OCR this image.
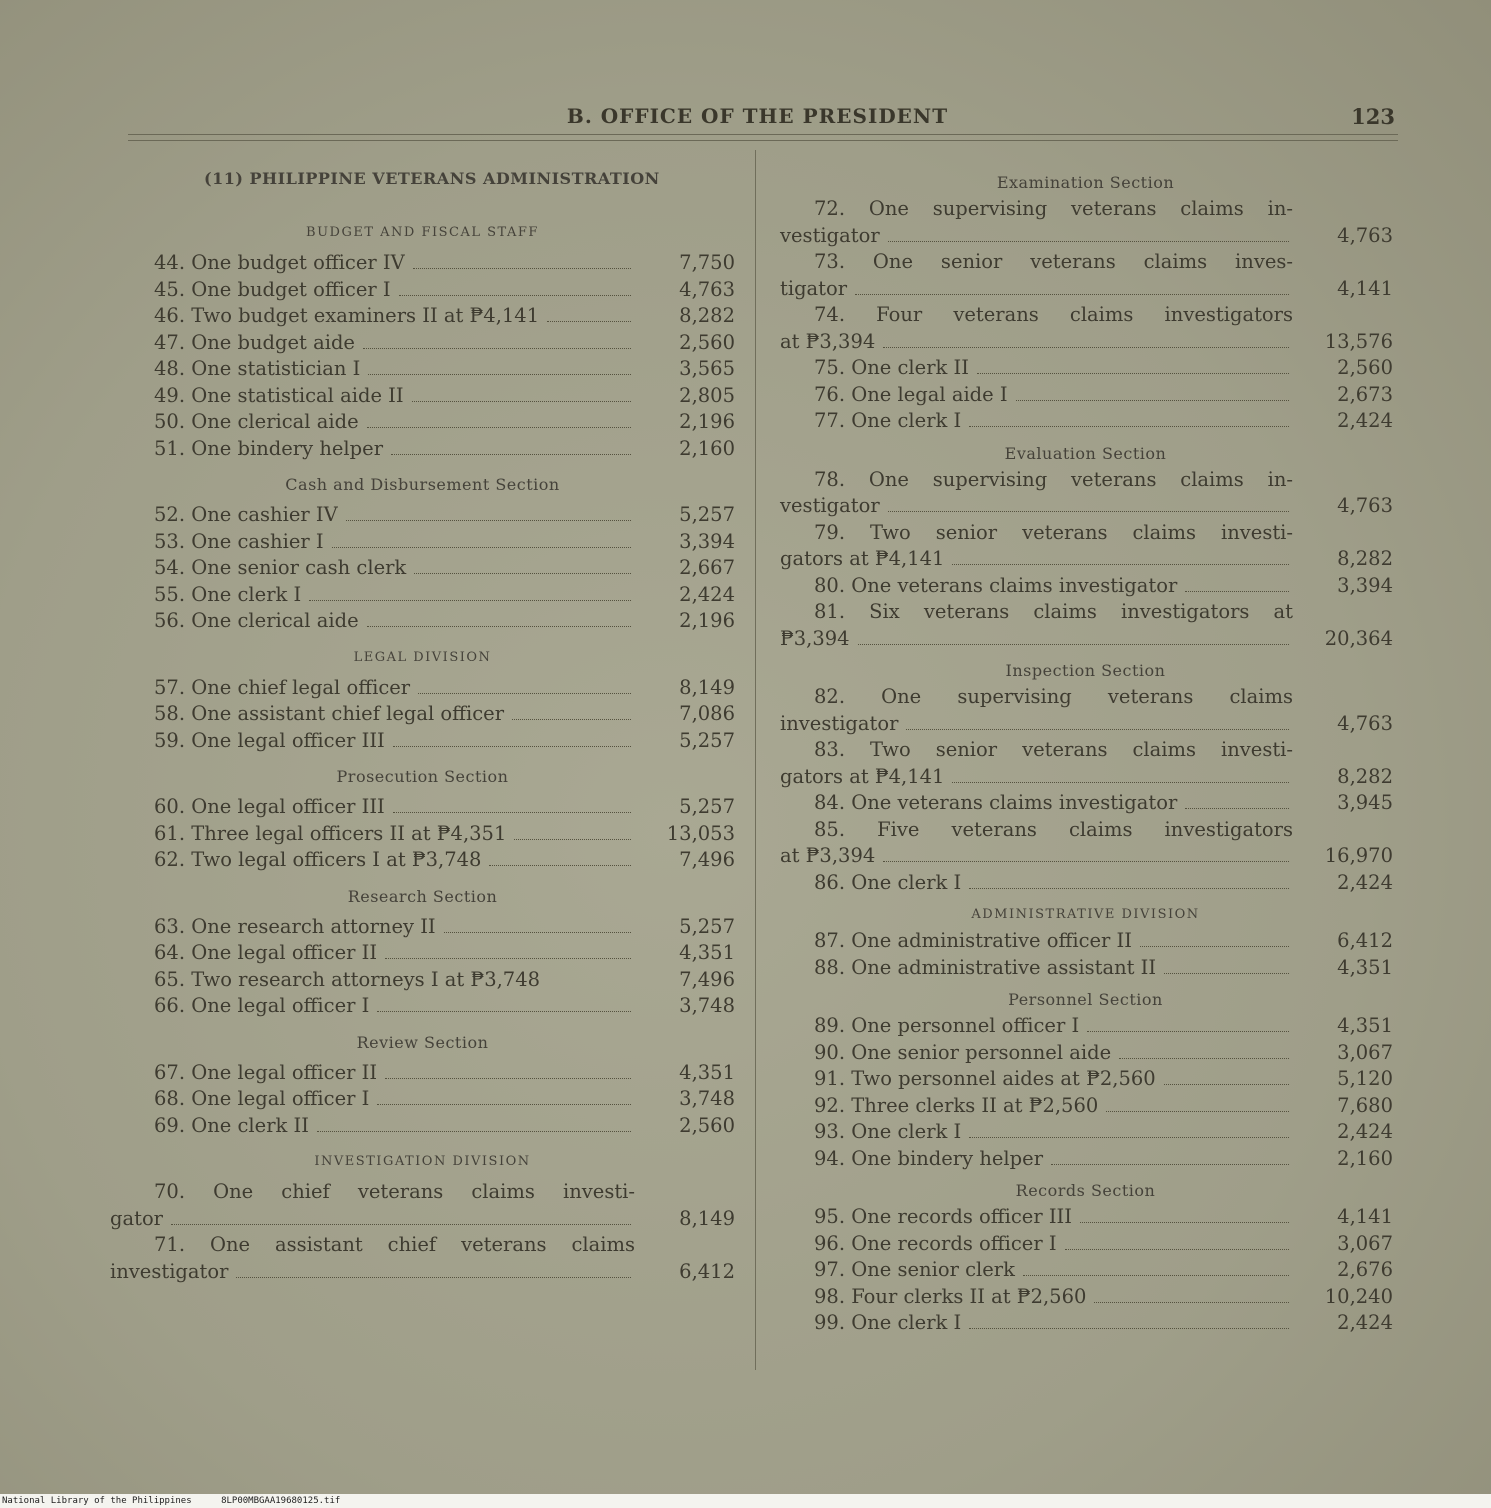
B. OFFICE OF THE PRESIDENT	123
(11) PHILIPPINE VETERANS ADMINISTRATION
BUDGET AND FISCAL STAFF
44. One budget officer IV	7,750
45. One budget officer I	4,763
46. Two budget examiners II at ₱4,141	8,282
47. One budget aide	2,560
48. One statistician I	3,565
49. One statistical aide II	2,805
50. One clerical aide	2,196
51. One bindery helper	2,160
Cash and Disbursement Section
52. One cashier IV	5,257
53. One cashier I	3,394
54. One senior cash clerk	2,667
55. One clerk I	2,424
56. One clerical aide	2,196
LEGAL DIVISION
57. One chief legal officer	8,149
58. One assistant chief legal officer	7,086
59. One legal officer III	5,257
Prosecution Section
60. One legal officer III	5,257
61. Three legal officers II at ₱4,351	13,053
62. Two legal officers I at ₱3,748	7,496
Research Section
63. One research attorney II	5,257
64. One legal officer II	4,351
65. Two research attorneys I at ₱3,748	7,496
66. One legal officer I	3,748
Review Section
67. One legal officer II	4,351
68. One legal officer I	3,748
69. One clerk II	2,560
INVESTIGATION DIVISION
70. One chief veterans claims investi-
gator	8,149
71. One assistant chief veterans claims
investigator	6,412
Examination Section
72. One supervising veterans claims in-
vestigator	4,763
73. One senior veterans claims inves-
tigator	4,141
74. Four veterans claims investigators
at ₱3,394	13,576
75. One clerk II	2,560
76. One legal aide I	2,673
77. One clerk I	2,424
Evaluation Section
78. One supervising veterans claims in-
vestigator	4,763
79. Two senior veterans claims investi-
gators at ₱4,141	8,282
80. One veterans claims investigator	3,394
81. Six veterans claims investigators at
₱3,394	20,364
Inspection Section
82. One supervising veterans claims
investigator	4,763
83. Two senior veterans claims investi-
gators at ₱4,141	8,282
84. One veterans claims investigator	3,945
85. Five veterans claims investigators
at ₱3,394	16,970
86. One clerk I	2,424
ADMINISTRATIVE DIVISION
87. One administrative officer II	6,412
88. One administrative assistant II	4,351
Personnel Section
89. One personnel officer I	4,351
90. One senior personnel aide	3,067
91. Two personnel aides at ₱2,560	5,120
92. Three clerks II at ₱2,560	7,680
93. One clerk I	2,424
94. One bindery helper	2,160
Records Section
95. One records officer III	4,141
96. One records officer I	3,067
97. One senior clerk	2,676
98. Four clerks II at ₱2,560	10,240
99. One clerk I	2,424
National Library of the Philippines	8LP00MBGAA19680125.tif
